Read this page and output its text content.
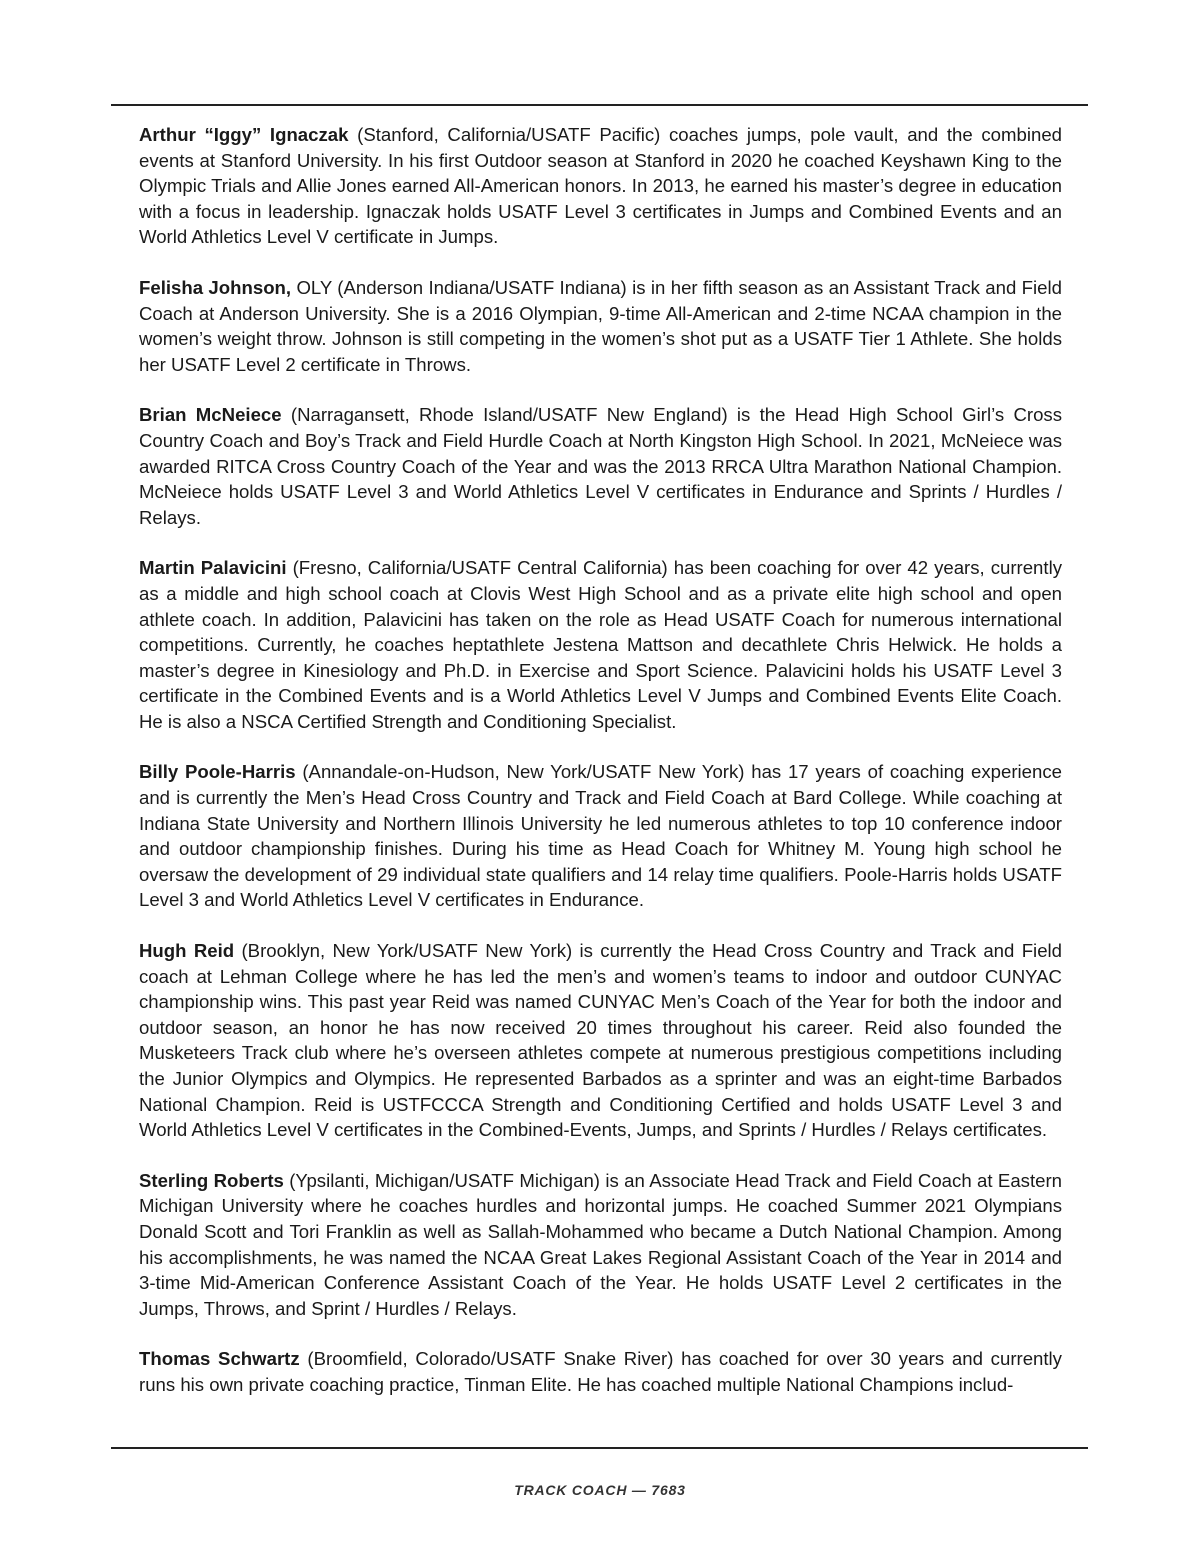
Arthur “Iggy” Ignaczak (Stanford, California/USATF Pacific) coaches jumps, pole vault, and the combined events at Stanford University. In his first Outdoor season at Stanford in 2020 he coached Keyshawn King to the Olympic Trials and Allie Jones earned All-American honors. In 2013, he earned his master’s degree in education with a focus in leadership. Ignaczak holds USATF Level 3 certificates in Jumps and Combined Events and an World Athletics Level V certificate in Jumps.

Felisha Johnson, OLY (Anderson Indiana/USATF Indiana) is in her fifth season as an Assistant Track and Field Coach at Anderson University. She is a 2016 Olympian, 9-time All-American and 2-time NCAA champion in the women’s weight throw. Johnson is still competing in the women’s shot put as a USATF Tier 1 Athlete. She holds her USATF Level 2 certificate in Throws.

Brian McNeiece (Narragansett, Rhode Island/USATF New England) is the Head High School Girl’s Cross Country Coach and Boy’s Track and Field Hurdle Coach at North Kingston High School. In 2021, McNeiece was awarded RITCA Cross Country Coach of the Year and was the 2013 RRCA Ultra Marathon National Champion. McNeiece holds USATF Level 3 and World Athletics Level V certificates in Endurance and Sprints / Hurdles / Relays.

Martin Palavicini (Fresno, California/USATF Central California) has been coaching for over 42 years, currently as a middle and high school coach at Clovis West High School and as a private elite high school and open athlete coach. In addition, Palavicini has taken on the role as Head USATF Coach for numerous international competitions. Currently, he coaches heptathlete Jestena Mattson and decathlete Chris Helwick. He holds a master’s degree in Kinesiology and Ph.D. in Exercise and Sport Science. Palavicini holds his USATF Level 3 certificate in the Combined Events and is a World Athletics Level V Jumps and Combined Events Elite Coach. He is also a NSCA Certified Strength and Conditioning Specialist.

Billy Poole-Harris (Annandale-on-Hudson, New York/USATF New York) has 17 years of coaching experience and is currently the Men’s Head Cross Country and Track and Field Coach at Bard College. While coaching at Indiana State University and Northern Illinois University he led numerous athletes to top 10 conference indoor and outdoor championship finishes. During his time as Head Coach for Whitney M. Young high school he oversaw the development of 29 individual state qualifiers and 14 relay time qualifiers. Poole-Harris holds USATF Level 3 and World Athletics Level V certificates in Endurance.

Hugh Reid (Brooklyn, New York/USATF New York) is currently the Head Cross Country and Track and Field coach at Lehman College where he has led the men’s and women’s teams to indoor and outdoor CUNYAC championship wins. This past year Reid was named CUNYAC Men’s Coach of the Year for both the indoor and outdoor season, an honor he has now received 20 times throughout his career. Reid also founded the Musketeers Track club where he’s overseen athletes compete at numerous prestigious competitions including the Junior Olympics and Olympics. He represented Barbados as a sprinter and was an eight-time Barbados National Champion. Reid is USTFCCCA Strength and Conditioning Certified and holds USATF Level 3 and World Athletics Level V certificates in the Combined-Events, Jumps, and Sprints / Hurdles / Relays certificates.

Sterling Roberts (Ypsilanti, Michigan/USATF Michigan) is an Associate Head Track and Field Coach at Eastern Michigan University where he coaches hurdles and horizontal jumps. He coached Summer 2021 Olympians Donald Scott and Tori Franklin as well as Sallah-Mohammed who became a Dutch National Champion. Among his accomplishments, he was named the NCAA Great Lakes Regional Assistant Coach of the Year in 2014 and 3-time Mid-American Conference Assistant Coach of the Year. He holds USATF Level 2 certificates in the Jumps, Throws, and Sprint / Hurdles / Relays.

Thomas Schwartz (Broomfield, Colorado/USATF Snake River) has coached for over 30 years and currently runs his own private coaching practice, Tinman Elite. He has coached multiple National Champions includ-

TRACK COACH — 7683
